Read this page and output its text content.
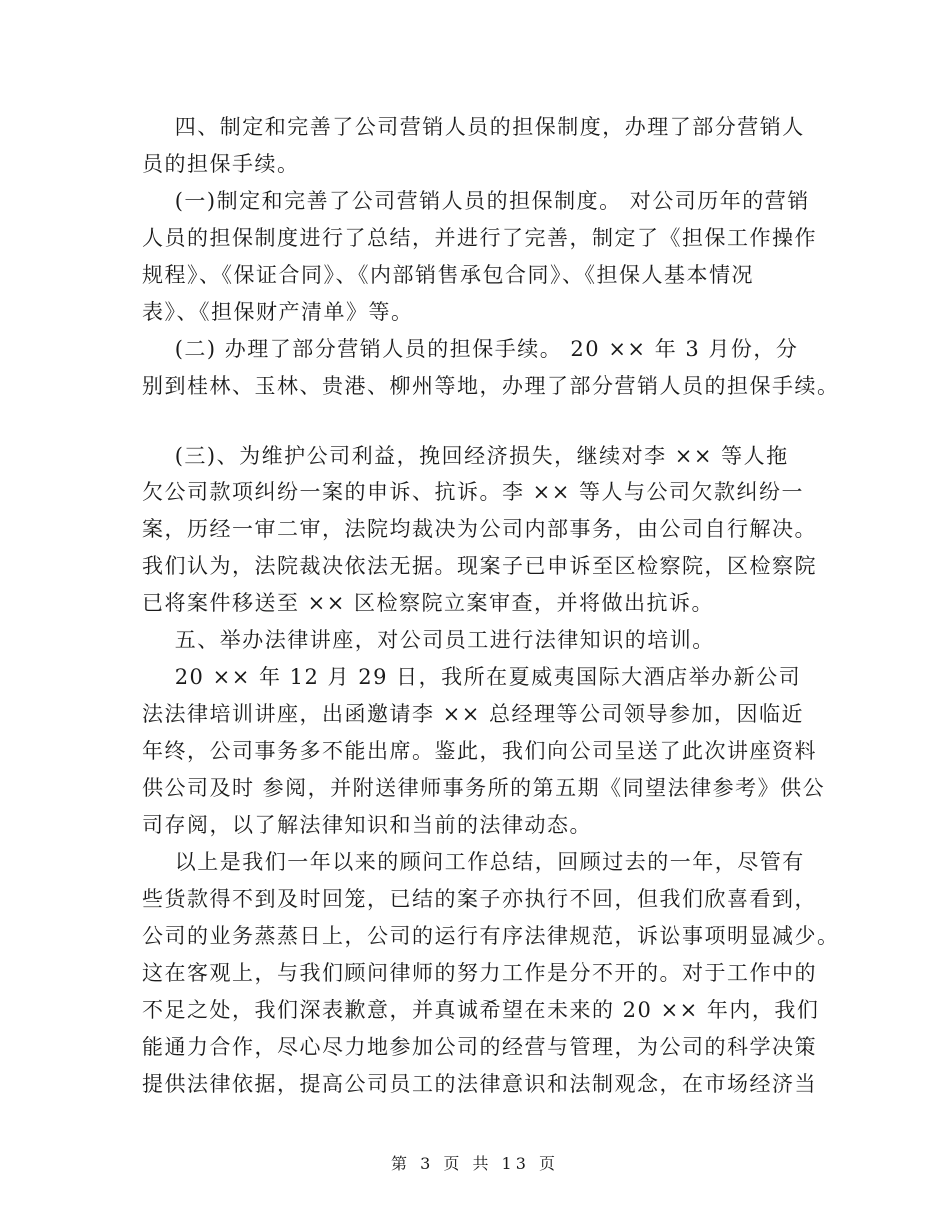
四、制定和完善了公司营销人员的担保制度，办理了部分营销人
员的担保手续。
(一)制定和完善了公司营销人员的担保制度。 对公司历年的营销
人员的担保制度进行了总结，并进行了完善，制定了《担保工作操作
规程》、《保证合同》、《内部销售承包合同》、《担保人基本情况
表》、《担保财产清单》等。
(二) 办理了部分营销人员的担保手续。 20 ×× 年 3 月份，分
别到桂林、玉林、贵港、柳州等地，办理了部分营销人员的担保手续。
(三)、为维护公司利益，挽回经济损失，继续对李 ×× 等人拖
欠公司款项纠纷一案的申诉、抗诉。李 ×× 等人与公司欠款纠纷一
案，历经一审二审，法院均裁决为公司内部事务，由公司自行解决。
我们认为，法院裁决依法无据。现案子已申诉至区检察院，区检察院
已将案件移送至 ×× 区检察院立案审查，并将做出抗诉。
五、举办法律讲座，对公司员工进行法律知识的培训。
20 ×× 年 12 月 29 日，我所在夏威夷国际大酒店举办新公司
法法律培训讲座，出函邀请李 ×× 总经理等公司领导参加，因临近
年终，公司事务多不能出席。鉴此，我们向公司呈送了此次讲座资料
供公司及时 参阅，并附送律师事务所的第五期《同望法律参考》供公
司存阅，以了解法律知识和当前的法律动态。
以上是我们一年以来的顾问工作总结，回顾过去的一年，尽管有
些货款得不到及时回笼，已结的案子亦执行不回，但我们欣喜看到，
公司的业务蒸蒸日上，公司的运行有序法律规范，诉讼事项明显减少。
这在客观上，与我们顾问律师的努力工作是分不开的。对于工作中的
不足之处，我们深表歉意，并真诚希望在未来的 20 ×× 年内，我们
能通力合作，尽心尽力地参加公司的经营与管理，为公司的科学决策
提供法律依据，提高公司员工的法律意识和法制观念，在市场经济当
第 3 页 共 13 页
